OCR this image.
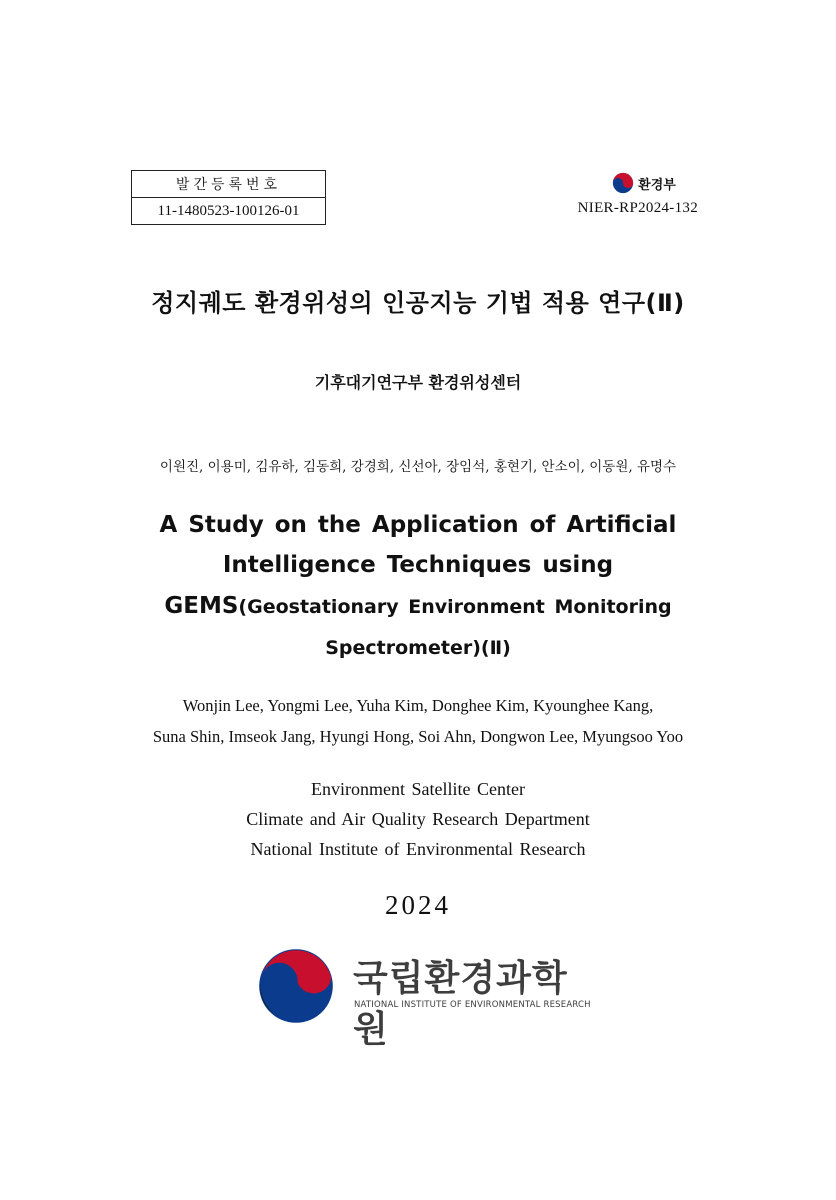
발간등록번호
11-1480523-100126-01
환경부
NIER-RP2024-132
정지궤도 환경위성의 인공지능 기법 적용 연구(Ⅱ)
기후대기연구부 환경위성센터
이원진, 이용미, 김유하, 김동희, 강경희, 신선아, 장임석, 홍현기, 안소이, 이동원, 유명수
A Study on the Application of Artificial
Intelligence Techniques using
GEMS(Geostationary Environment Monitoring
Spectrometer)(Ⅱ)
Wonjin Lee, Yongmi Lee, Yuha Kim, Donghee Kim, Kyounghee Kang,
Suna Shin, Imseok Jang, Hyungi Hong, Soi Ahn, Dongwon Lee, Myungsoo Yoo
Environment Satellite Center
Climate and Air Quality Research Department
National Institute of Environmental Research
2024
국립환경과학원
NATIONAL INSTITUTE OF ENVIRONMENTAL RESEARCH
